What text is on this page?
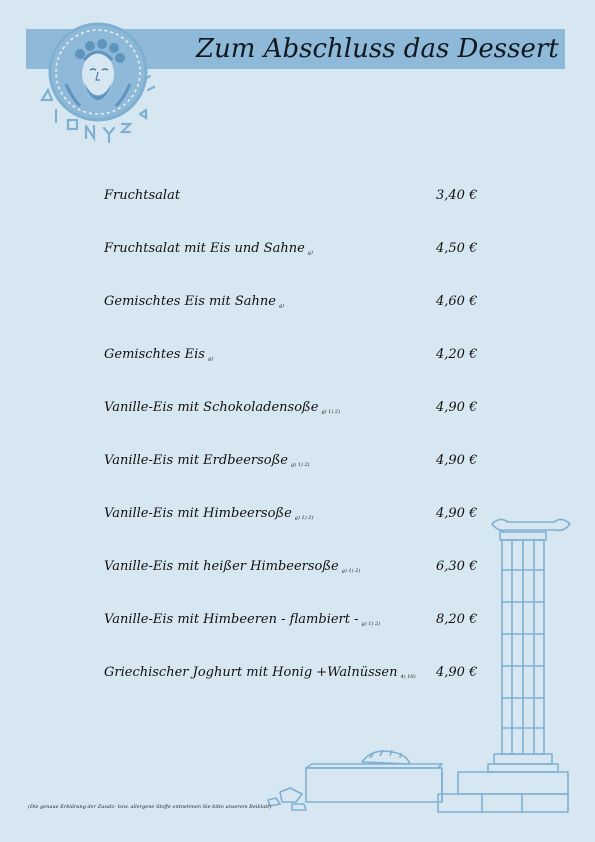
Zum Abschluss das Dessert
Fruchtsalat	3,40 €
Fruchtsalat mit Eis und Sahne g)	4,50 €
Gemischtes Eis mit Sahne g)	4,60 €
Gemischtes Eis g)	4,20 €
Vanille-Eis mit Schokoladensoße g) 1) 2)	4,90 €
Vanille-Eis mit Erdbeersoße g) 1) 2)	4,90 €
Vanille-Eis mit Himbeersoße g) 1) 2)	4,90 €
Vanille-Eis mit heißer Himbeersoße g) 1) 2)	6,30 €
Vanille-Eis mit Himbeeren - flambiert - g) 1) 2)	8,20 €
Griechischer Joghurt mit Honig +Walnüssen 4) 10) 4,90 €
(Die genaue Erklärung der Zusatz- bzw. allergene Stoffe entnehmen Sie bitte unserem Beiblatt)
